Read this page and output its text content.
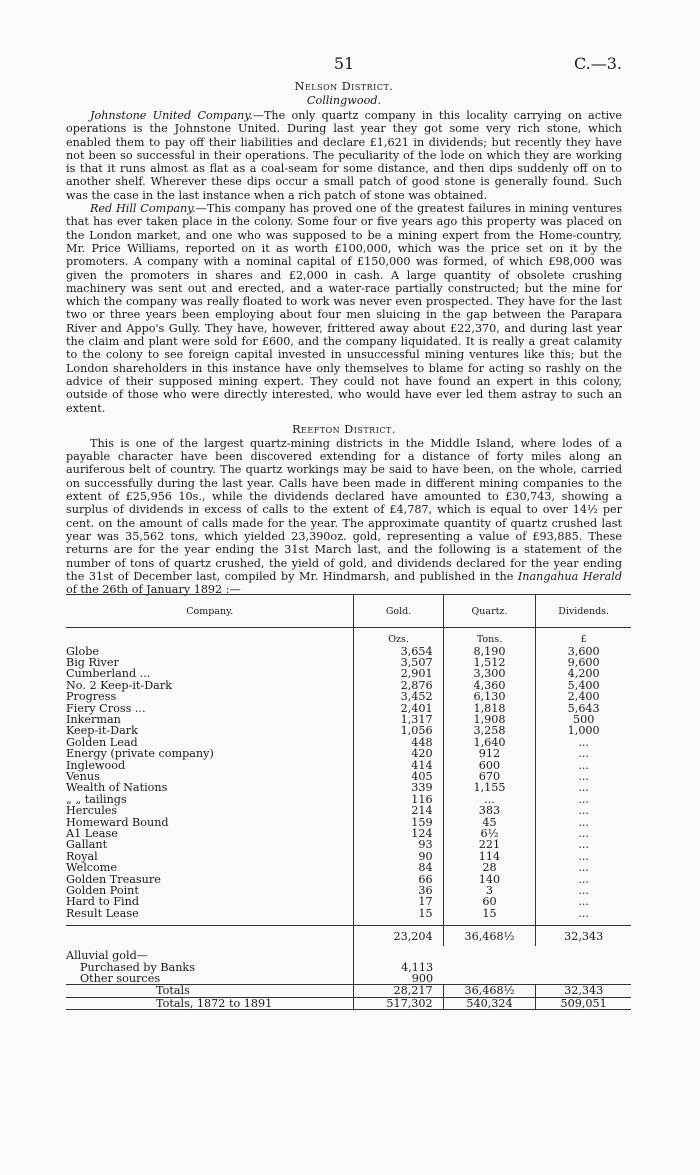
51	C.—3.
Nelson District.
Collingwood.

Johnstone United Company.—The only quartz company in this locality carrying on active operations is the Johnstone United. During last year they got some very rich stone, which enabled them to pay off their liabilities and declare £1,621 in dividends; but recently they have not been so successful in their operations. The peculiarity of the lode on which they are working is that it runs almost as flat as a coal-seam for some distance, and then dips suddenly off on to another shelf. Wherever these dips occur a small patch of good stone is generally found. Such was the case in the last instance when a rich patch of stone was obtained.

Red Hill Company.—This company has proved one of the greatest failures in mining ventures that has ever taken place in the colony. Some four or five years ago this property was placed on the London market, and one who was supposed to be a mining expert from the Home-country, Mr. Price Williams, reported on it as worth £100,000, which was the price set on it by the promoters. A company with a nominal capital of £150,000 was formed, of which £98,000 was given the promoters in shares and £2,000 in cash. A large quantity of obsolete crushing machinery was sent out and erected, and a water-race partially constructed; but the mine for which the company was really floated to work was never even prospected. They have for the last two or three years been employing about four men sluicing in the gap between the Parapara River and Appo's Gully. They have, however, frittered away about £22,370, and during last year the claim and plant were sold for £600, and the company liquidated. It is really a great calamity to the colony to see foreign capital invested in unsuccessful mining ventures like this; but the London shareholders in this instance have only themselves to blame for acting so rashly on the advice of their supposed mining expert. They could not have found an expert in this colony, outside of those who were directly interested, who would have ever led them astray to such an extent.

Reefton District.

This is one of the largest quartz-mining districts in the Middle Island, where lodes of a payable character have been discovered extending for a distance of forty miles along an auriferous belt of country. The quartz workings may be said to have been, on the whole, carried on successfully during the last year. Calls have been made in different mining companies to the extent of £25,956 10s., while the dividends declared have amounted to £30,743, showing a surplus of dividends in excess of calls to the extent of £4,787, which is equal to over 14½ per cent. on the amount of calls made for the year. The approximate quantity of quartz crushed last year was 35,562 tons, which yielded 23,390oz. gold, representing a value of £93,885. These returns are for the year ending the 31st March last, and the following is a statement of the number of tons of quartz crushed, the yield of gold, and dividends declared for the year ending the 31st of December last, compiled by Mr. Hindmarsh, and published in the Inangahua Herald of the 26th of January 1892 :—

Company.	Gold.	Quartz.	Dividends.
	Ozs.	Tons.	£
Globe	3,654	8,190	3,600
Big River	3,507	1,512	9,600
Cumberland ...	2,901	3,300	4,200
No. 2 Keep-it-Dark	2,876	4,360	5,400
Progress	3,452	6,130	2,400
Fiery Cross ...	2,401	1,818	5,643
Inkerman	1,317	1,908	500
Keep-it-Dark	1,056	3,258	1,000
Golden Lead	448	1,640	...
Energy (private company)	420	912	...
Inglewood	414	600	...
Venus	405	670	...
Wealth of Nations	339	1,155	...
„ „ tailings	116	...	...
Hercules	214	383	...
Homeward Bound	159	45	...
A1 Lease	124	6½	...
Gallant	93	221	...
Royal	90	114	...
Welcome	84	28	...
Golden Treasure	66	140	...
Golden Point	36	3	...
Hard to Find	17	60	...
Result Lease	15	15	...

	23,204	36,468½	32,343
Alluvial gold—			
Purchased by Banks	4,113		
Other sources	900		
Totals	28,217	36,468½	32,343
Totals, 1872 to 1891	517,302	540,324	509,051
